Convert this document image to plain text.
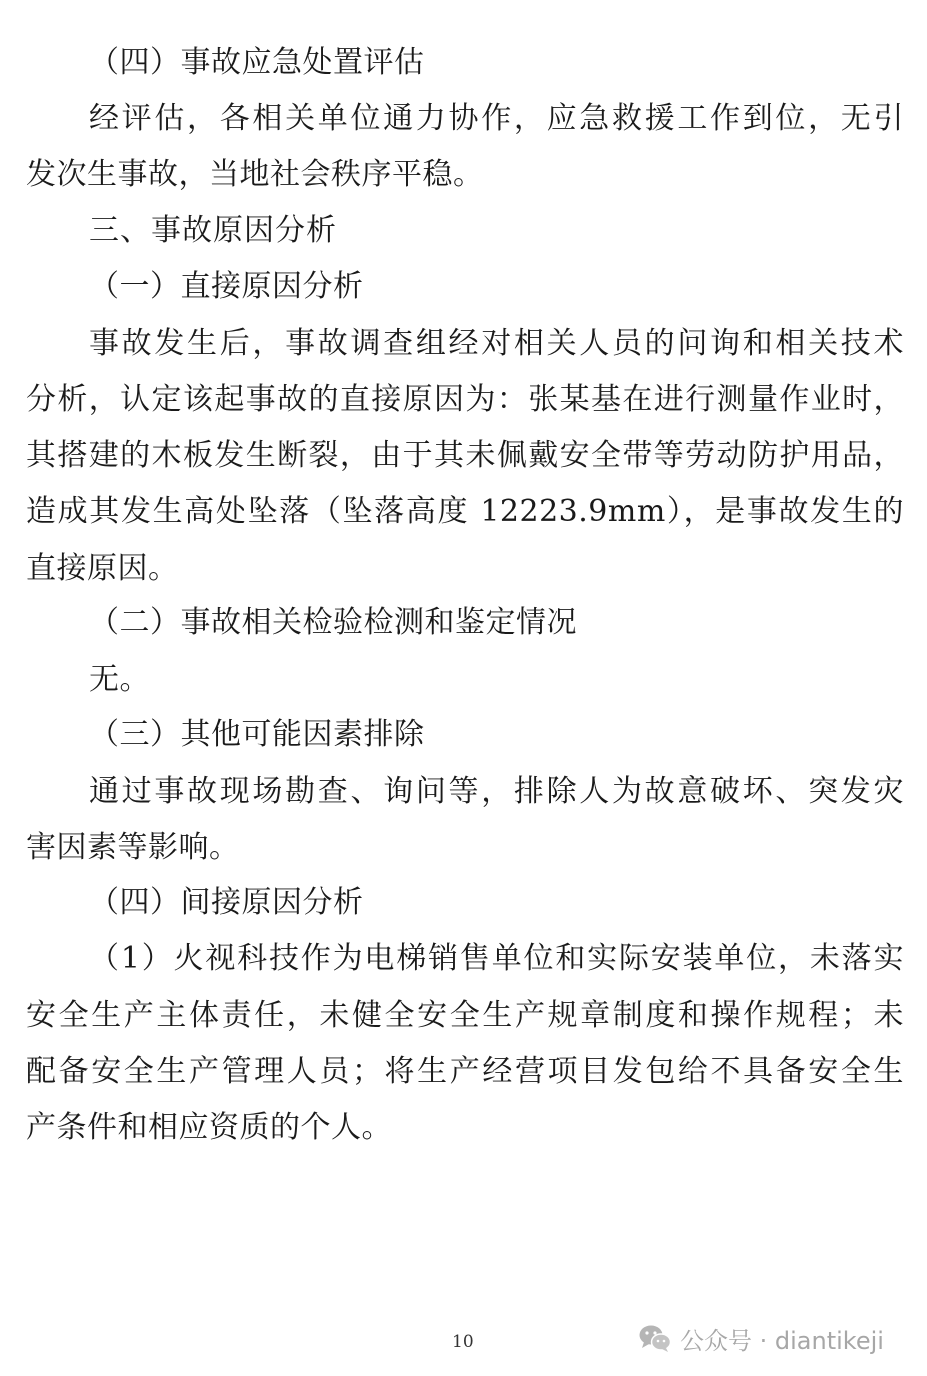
（四）事故应急处置评估
经评估，各相关单位通力协作，应急救援工作到位，无引
发次生事故，当地社会秩序平稳。
三、事故原因分析
（一）直接原因分析
事故发生后，事故调查组经对相关人员的问询和相关技术
分析，认定该起事故的直接原因为：张某基在进行测量作业时，
其搭建的木板发生断裂，由于其未佩戴安全带等劳动防护用品，
造成其发生高处坠落（坠落高度 12223.9mm），是事故发生的
直接原因。
（二）事故相关检验检测和鉴定情况
无。
（三）其他可能因素排除
通过事故现场勘查、询问等，排除人为故意破坏、突发灾
害因素等影响。
（四）间接原因分析
（1）火视科技作为电梯销售单位和实际安装单位，未落实
安全生产主体责任，未健全安全生产规章制度和操作规程；未
配备安全生产管理人员；将生产经营项目发包给不具备安全生
产条件和相应资质的个人。
10	公众号 · diantikeji
